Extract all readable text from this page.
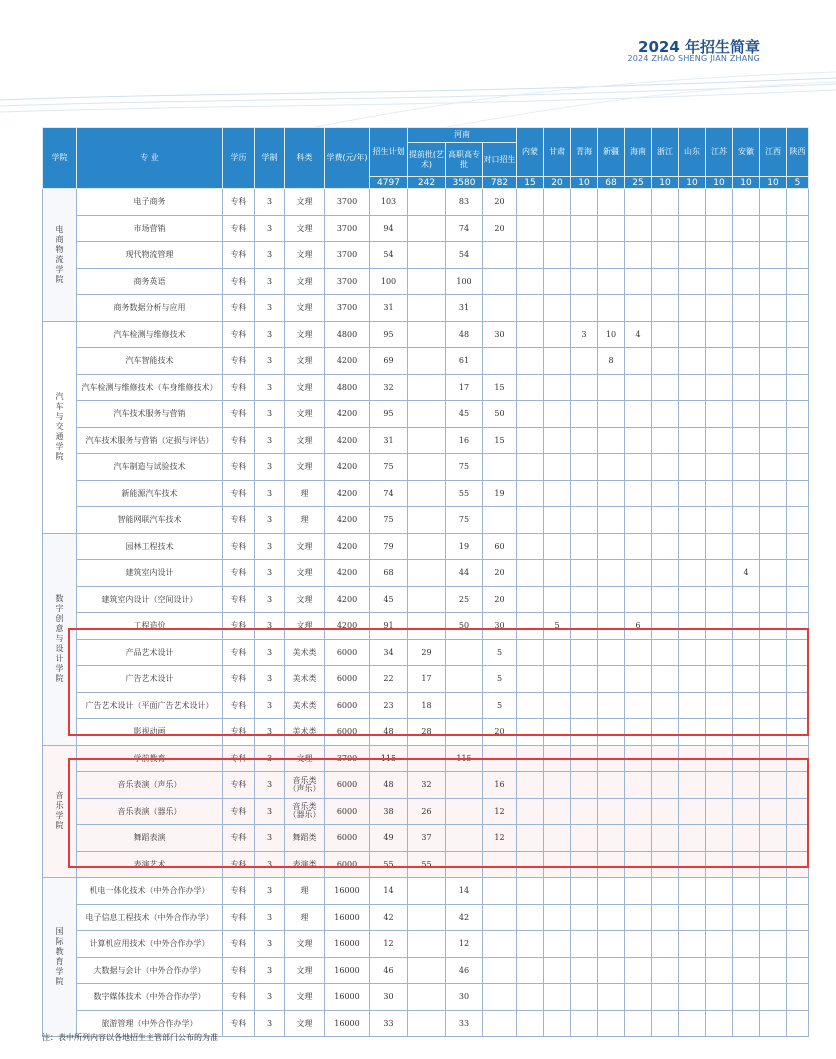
2024 年招生简章
2024 ZHAO SHENG JIAN ZHANG
学院	专 业	学历	学制	科类	学费(元/年)	招生计划	河南			内蒙	甘肃	青海	新疆	海南	浙江	山东	江苏	安徽	江西	陕西
							提前批(艺术)	高职高专批	对口招生											
						4797	242	3580	782	15	20	10	68	25	10	10	10	10	10	5
电商物流学院	电子商务	专科	3	文理	3700	103		83	20											
	市场营销	专科	3	文理	3700	94		74	20											
	现代物流管理	专科	3	文理	3700	54		54												
	商务英语	专科	3	文理	3700	100		100												
	商务数据分析与应用	专科	3	文理	3700	31		31												
汽车与交通学院	汽车检测与维修技术	专科	3	文理	4800	95		48	30			3	10	4						
	汽车智能技术	专科	3	文理	4200	69		61					8							
	汽车检测与维修技术（车身维修技术）	专科	3	文理	4800	32		17	15											
	汽车技术服务与营销	专科	3	文理	4200	95		45	50											
	汽车技术服务与营销（定损与评估）	专科	3	文理	4200	31		16	15											
	汽车制造与试验技术	专科	3	文理	4200	75		75												
	新能源汽车技术	专科	3	理	4200	74		55	19											
	智能网联汽车技术	专科	3	理	4200	75		75												
数字创意与设计学院	园林工程技术	专科	3	文理	4200	79		19	60											
	建筑室内设计	专科	3	文理	4200	68		44	20									4		
	建筑室内设计（空间设计）	专科	3	文理	4200	45		25	20											
	工程造价	专科	3	文理	4200	91		50	30		5			6						
	产品艺术设计	专科	3	美术类	6000	34	29		5											
	广告艺术设计	专科	3	美术类	6000	22	17		5											
	广告艺术设计（平面广告艺术设计）	专科	3	美术类	6000	23	18		5											
	影视动画	专科	3	美术类	6000	48	28		20											
音乐学院	学前教育	专科	3	文理	3700	115		115												
	音乐表演（声乐）	专科	3	音乐类（声乐）	6000	48	32		16											
	音乐表演（器乐）	专科	3	音乐类（器乐）	6000	38	26		12											
	舞蹈表演	专科	3	舞蹈类	6000	49	37		12											
	表演艺术	专科	3	表演类	6000	55	55													
国际教育学院	机电一体化技术（中外合作办学）	专科	3	理	16000	14		14												
	电子信息工程技术（中外合作办学）	专科	3	理	16000	42		42												
	计算机应用技术（中外合作办学）	专科	3	文理	16000	12		12												
	大数据与会计（中外合作办学）	专科	3	文理	16000	46		46												
	数字媒体技术（中外合作办学）	专科	3	文理	16000	30		30												
	旅游管理（中外合作办学）	专科	3	文理	16000	33		33												
注：表中所列内容以各地招生主管部门公布的为准
